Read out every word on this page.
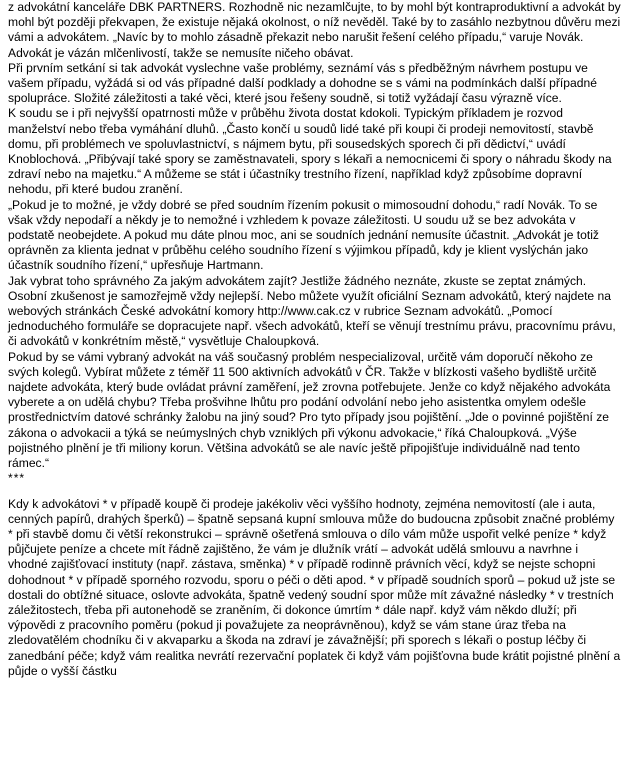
z advokátní kanceláře DBK PARTNERS. Rozhodně nic nezamlčujte, to by mohl být kontraproduktivní a advokát by mohl být později překvapen, že existuje nějaká okolnost, o níž nevěděl. Také by to zasáhlo nezbytnou důvěru mezi vámi a advokátem. „Navíc by to mohlo zásadně překazit nebo narušit řešení celého případu,“ varuje Novák. Advokát je vázán mlčenlivostí, takže se nemusíte ničeho obávat.

Při prvním setkání si tak advokát vyslechne vaše problémy, seznámí vás s předběžným návrhem postupu ve vašem případu, vyžádá si od vás případné další podklady a dohodne se s vámi na podmínkách další případné spolupráce. Složité záležitosti a také věci, které jsou řešeny soudně, si totiž vyžádají času výrazně více.

K soudu se i při nejvyšší opatrnosti může v průběhu života dostat kdokoli. Typickým příkladem je rozvod manželství nebo třeba vymáhání dluhů. „Často končí u soudů lidé také při koupi či prodeji nemovitostí, stavbě domu, při problémech ve spoluvlastnictví, s nájmem bytu, při sousedských sporech či při dědictví,“ uvádí Knoblochová. „Přibývají také spory se zaměstnavateli, spory s lékaři a nemocnicemi či spory o náhradu škody na zdraví nebo na majetku.“ A můžeme se stát i účastníky trestního řízení, například když způsobíme dopravní nehodu, při které budou zranění.

„Pokud je to možné, je vždy dobré se před soudním řízením pokusit o mimosoudní dohodu,“ radí Novák. To se však vždy nepodaří a někdy je to nemožné i vzhledem k povaze záležitosti. U soudu už se bez advokáta v podstatě neobejdete. A pokud mu dáte plnou moc, ani se soudních jednání nemusíte účastnit. „Advokát je totiž oprávněn za klienta jednat v průběhu celého soudního řízení s výjimkou případů, kdy je klient vyslýchán jako účastník soudního řízení,“ upřesňuje Hartmann.

Jak vybrat toho správného Za jakým advokátem zajít? Jestliže žádného neznáte, zkuste se zeptat známých. Osobní zkušenost je samozřejmě vždy nejlepší. Nebo můžete využít oficiální Seznam advokátů, který najdete na webových stránkách České advokátní komory http://www.cak.cz v rubrice Seznam advokátů. „Pomocí jednoduchého formuláře se dopracujete např. všech advokátů, kteří se věnují trestnímu právu, pracovnímu právu, či advokátů v konkrétním městě,“ vysvětluje Chaloupková.

Pokud by se vámi vybraný advokát na váš současný problém nespecializoval, určitě vám doporučí někoho ze svých kolegů. Vybírat můžete z téměř 11 500 aktivních advokátů v ČR. Takže v blízkosti vašeho bydliště určitě najdete advokáta, který bude ovládat právní zaměření, jež zrovna potřebujete. Jenže co když nějakého advokáta vyberete a on udělá chybu? Třeba prošvihne lhůtu pro podání odvolání nebo jeho asistentka omylem odešle prostřednictvím datové schránky žalobu na jiný soud? Pro tyto případy jsou pojištění. „Jde o povinné pojištění ze zákona o advokacii a týká se neúmyslných chyb vzniklých při výkonu advokacie,“ říká Chaloupková. „Výše pojistného plnění je tři miliony korun. Většina advokátů se ale navíc ještě připojišťuje individuálně nad tento rámec.“

***

Kdy k advokátovi * v případě koupě či prodeje jakékoliv věci vyššího hodnoty, zejména nemovitostí (ale i auta, cenných papírů, drahých šperků) – špatně sepsaná kupní smlouva může do budoucna způsobit značné problémy * při stavbě domu či větší rekonstrukci – správně ošetřená smlouva o dílo vám může uspořit velké peníze * když půjčujete peníze a chcete mít řádně zajištěno, že vám je dlužník vrátí – advokát udělá smlouvu a navrhne i vhodné zajišťovací instituty (např. zástava, směnka) * v případě rodinně právních věcí, když se nejste schopni dohodnout * v případě sporného rozvodu, sporu o péči o děti apod. * v případě soudních sporů – pokud už jste se dostali do obtížné situace, oslovte advokáta, špatně vedený soudní spor může mít závažné následky * v trestních záležitostech, třeba při autonehodě se zraněním, či dokonce úmrtím * dále např. když vám někdo dluží; při výpovědi z pracovního poměru (pokud ji považujete za neoprávněnou), když se vám stane úraz třeba na zledovatělém chodníku či v akvaparku a škoda na zdraví je závažnější; při sporech s lékaři o postup léčby či zanedbání péče; když vám realitka nevrátí rezervační poplatek či když vám pojišťovna bude krátit pojistné plnění a půjde o vyšší částku
